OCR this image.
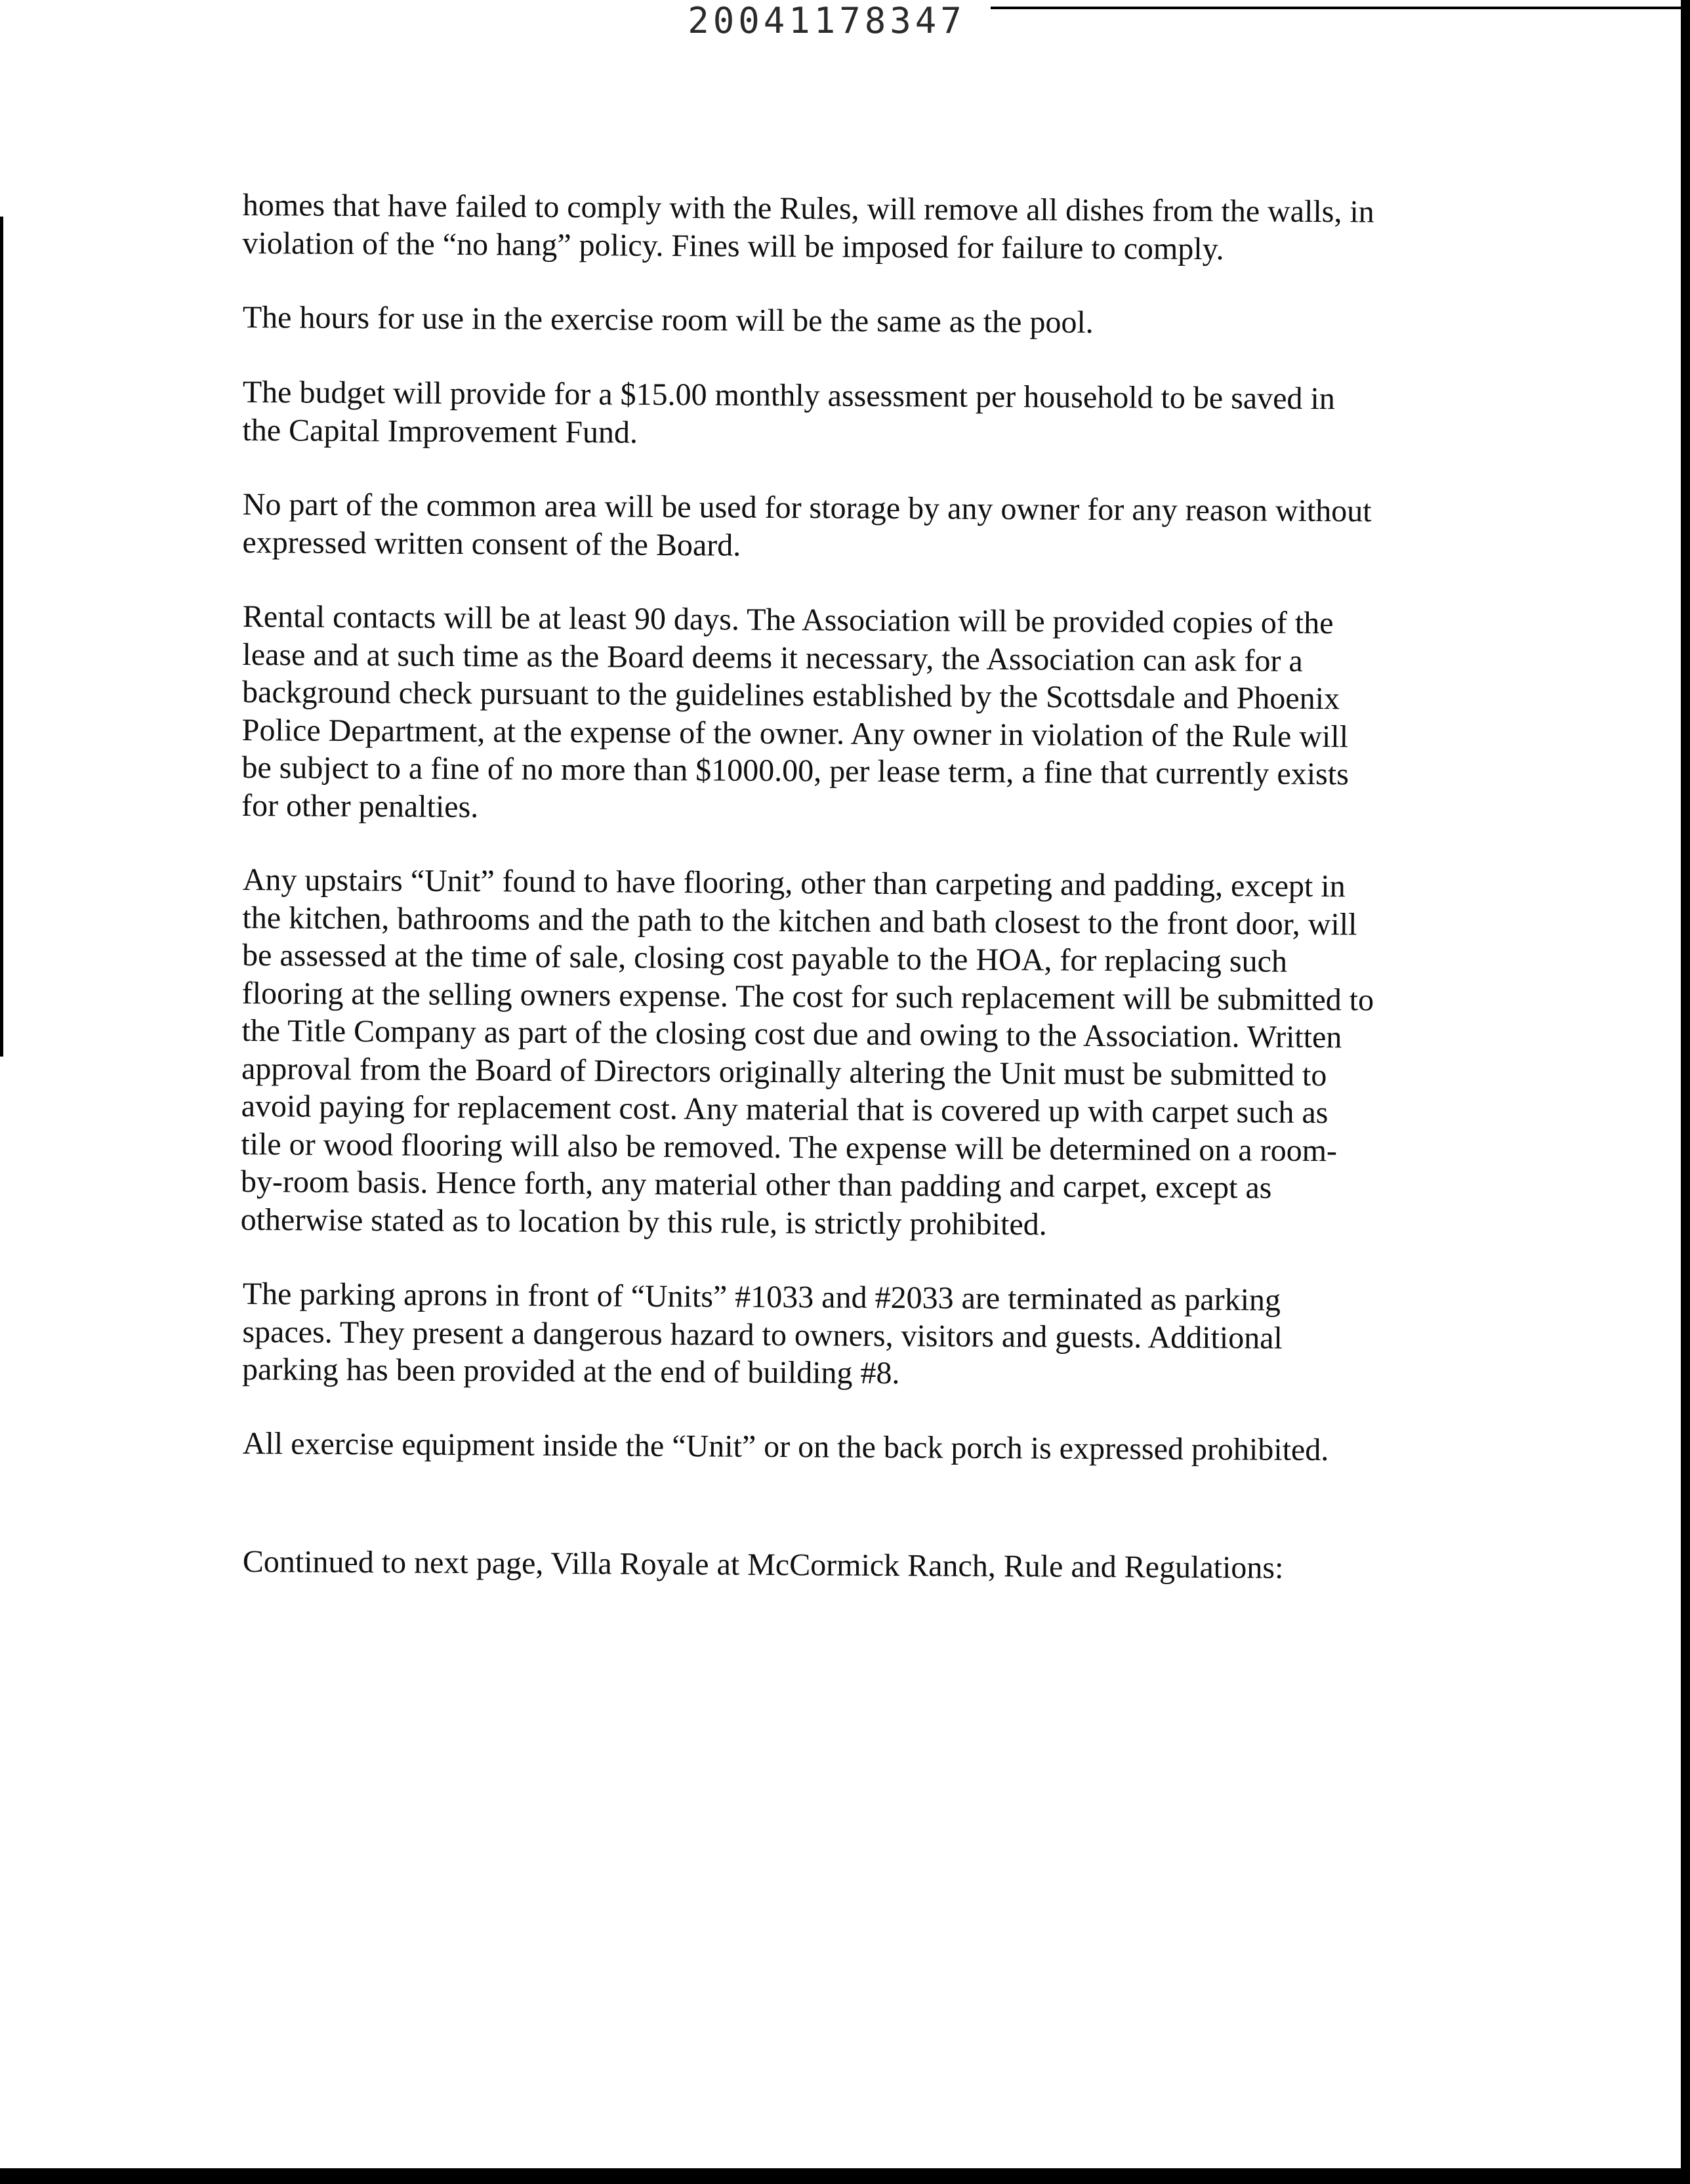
20041178347

homes that have failed to comply with the Rules, will remove all dishes from the walls, in
violation of the “no hang” policy. Fines will be imposed for failure to comply.

The hours for use in the exercise room will be the same as the pool.

The budget will provide for a $15.00 monthly assessment per household to be saved in
the Capital Improvement Fund.

No part of the common area will be used for storage by any owner for any reason without
expressed written consent of the Board.

Rental contacts will be at least 90 days. The Association will be provided copies of the
lease and at such time as the Board deems it necessary, the Association can ask for a
background check pursuant to the guidelines established by the Scottsdale and Phoenix
Police Department, at the expense of the owner. Any owner in violation of the Rule will
be subject to a fine of no more than $1000.00, per lease term, a fine that currently exists
for other penalties.

Any upstairs “Unit” found to have flooring, other than carpeting and padding, except in
the kitchen, bathrooms and the path to the kitchen and bath closest to the front door, will
be assessed at the time of sale, closing cost payable to the HOA, for replacing such
flooring at the selling owners expense. The cost for such replacement will be submitted to
the Title Company as part of the closing cost due and owing to the Association. Written
approval from the Board of Directors originally altering the Unit must be submitted to
avoid paying for replacement cost. Any material that is covered up with carpet such as
tile or wood flooring will also be removed. The expense will be determined on a room-
by-room basis. Hence forth, any material other than padding and carpet, except as
otherwise stated as to location by this rule, is strictly prohibited.

The parking aprons in front of “Units” #1033 and #2033 are terminated as parking
spaces. They present a dangerous hazard to owners, visitors and guests. Additional
parking has been provided at the end of building #8.

All exercise equipment inside the “Unit” or on the back porch is expressed prohibited.

Continued to next page, Villa Royale at McCormick Ranch, Rule and Regulations:
